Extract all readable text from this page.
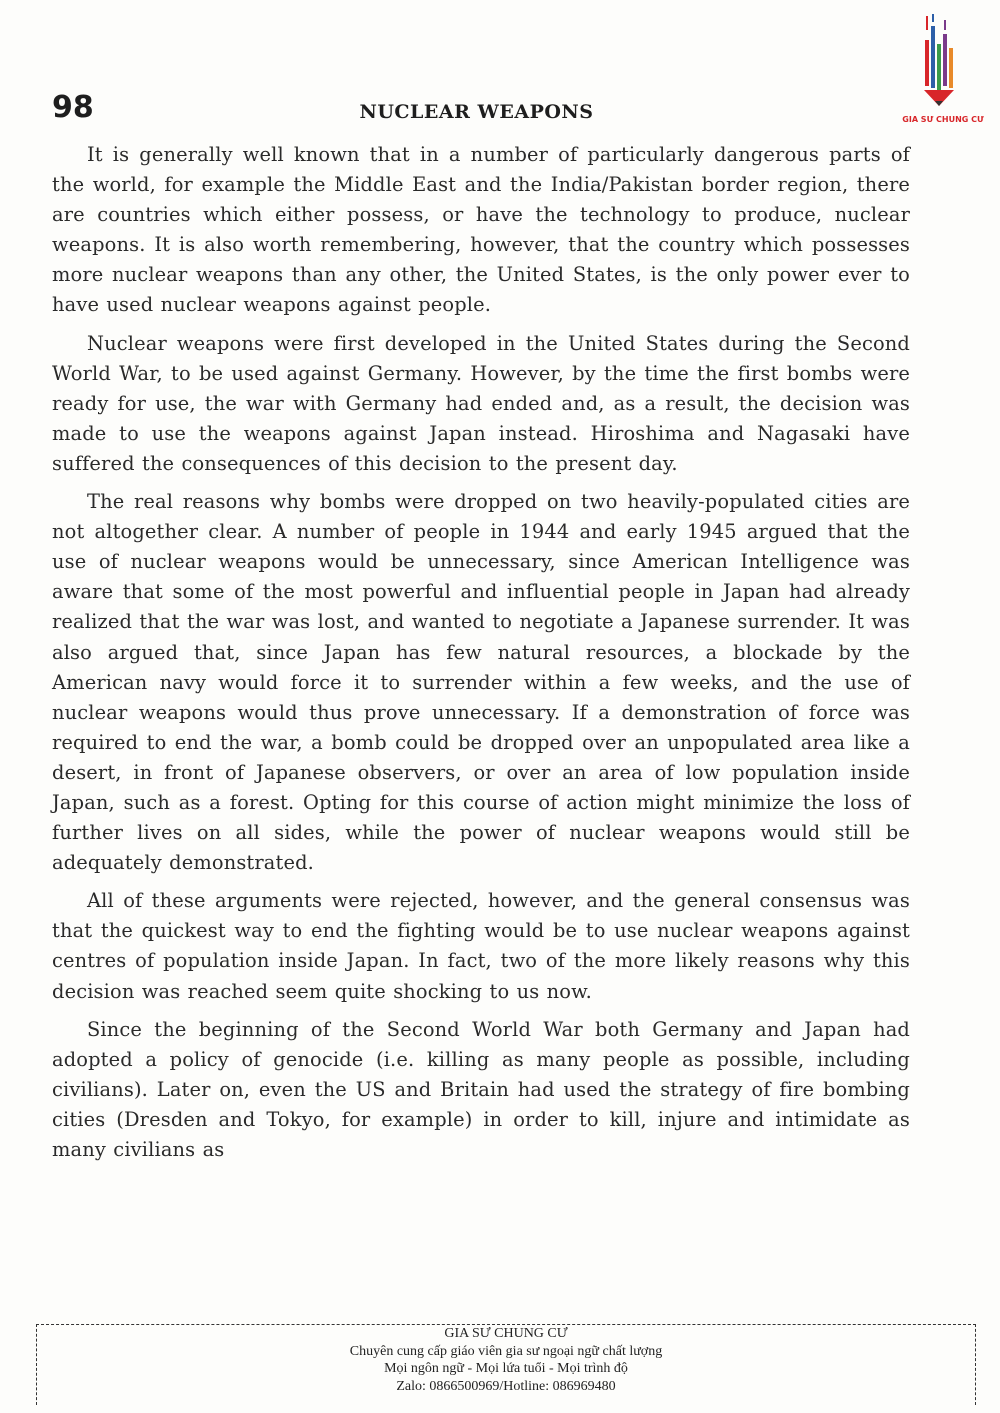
98	NUCLEAR WEAPONS	GIA SƯ CHUNG CƯ

It is generally well known that in a number of particularly dangerous parts of the world, for example the Middle East and the India/Pakistan border region, there are countries which either possess, or have the technology to produce, nuclear weapons. It is also worth remembering, however, that the country which possesses more nuclear weapons than any other, the United States, is the only power ever to have used nuclear weapons against people.

Nuclear weapons were first developed in the United States during the Second World War, to be used against Germany. However, by the time the first bombs were ready for use, the war with Germany had ended and, as a result, the decision was made to use the weapons against Japan instead. Hiroshima and Nagasaki have suffered the consequences of this decision to the present day.

The real reasons why bombs were dropped on two heavily-populated cities are not altogether clear. A number of people in 1944 and early 1945 argued that the use of nuclear weapons would be unnecessary, since American Intelligence was aware that some of the most powerful and influential people in Japan had already realized that the war was lost, and wanted to negotiate a Japanese surrender. It was also argued that, since Japan has few natural resources, a blockade by the American navy would force it to surrender within a few weeks, and the use of nuclear weapons would thus prove unnecessary. If a demonstration of force was required to end the war, a bomb could be dropped over an unpopulated area like a desert, in front of Japanese observers, or over an area of low population inside Japan, such as a forest. Opting for this course of action might minimize the loss of further lives on all sides, while the power of nuclear weapons would still be adequately demonstrated.

All of these arguments were rejected, however, and the general consensus was that the quickest way to end the fighting would be to use nuclear weapons against centres of population inside Japan. In fact, two of the more likely reasons why this decision was reached seem quite shocking to us now.

Since the beginning of the Second World War both Germany and Japan had adopted a policy of genocide (i.e. killing as many people as possible, including civilians). Later on, even the US and Britain had used the strategy of fire bombing cities (Dresden and Tokyo, for example) in order to kill, injure and intimidate as many civilians as

GIA SƯ CHUNG CƯ
Chuyên cung cấp giáo viên gia sư ngoại ngữ chất lượng
Mọi ngôn ngữ - Mọi lứa tuổi - Mọi trình độ
Zalo: 0866500969/Hotline: 086969480
